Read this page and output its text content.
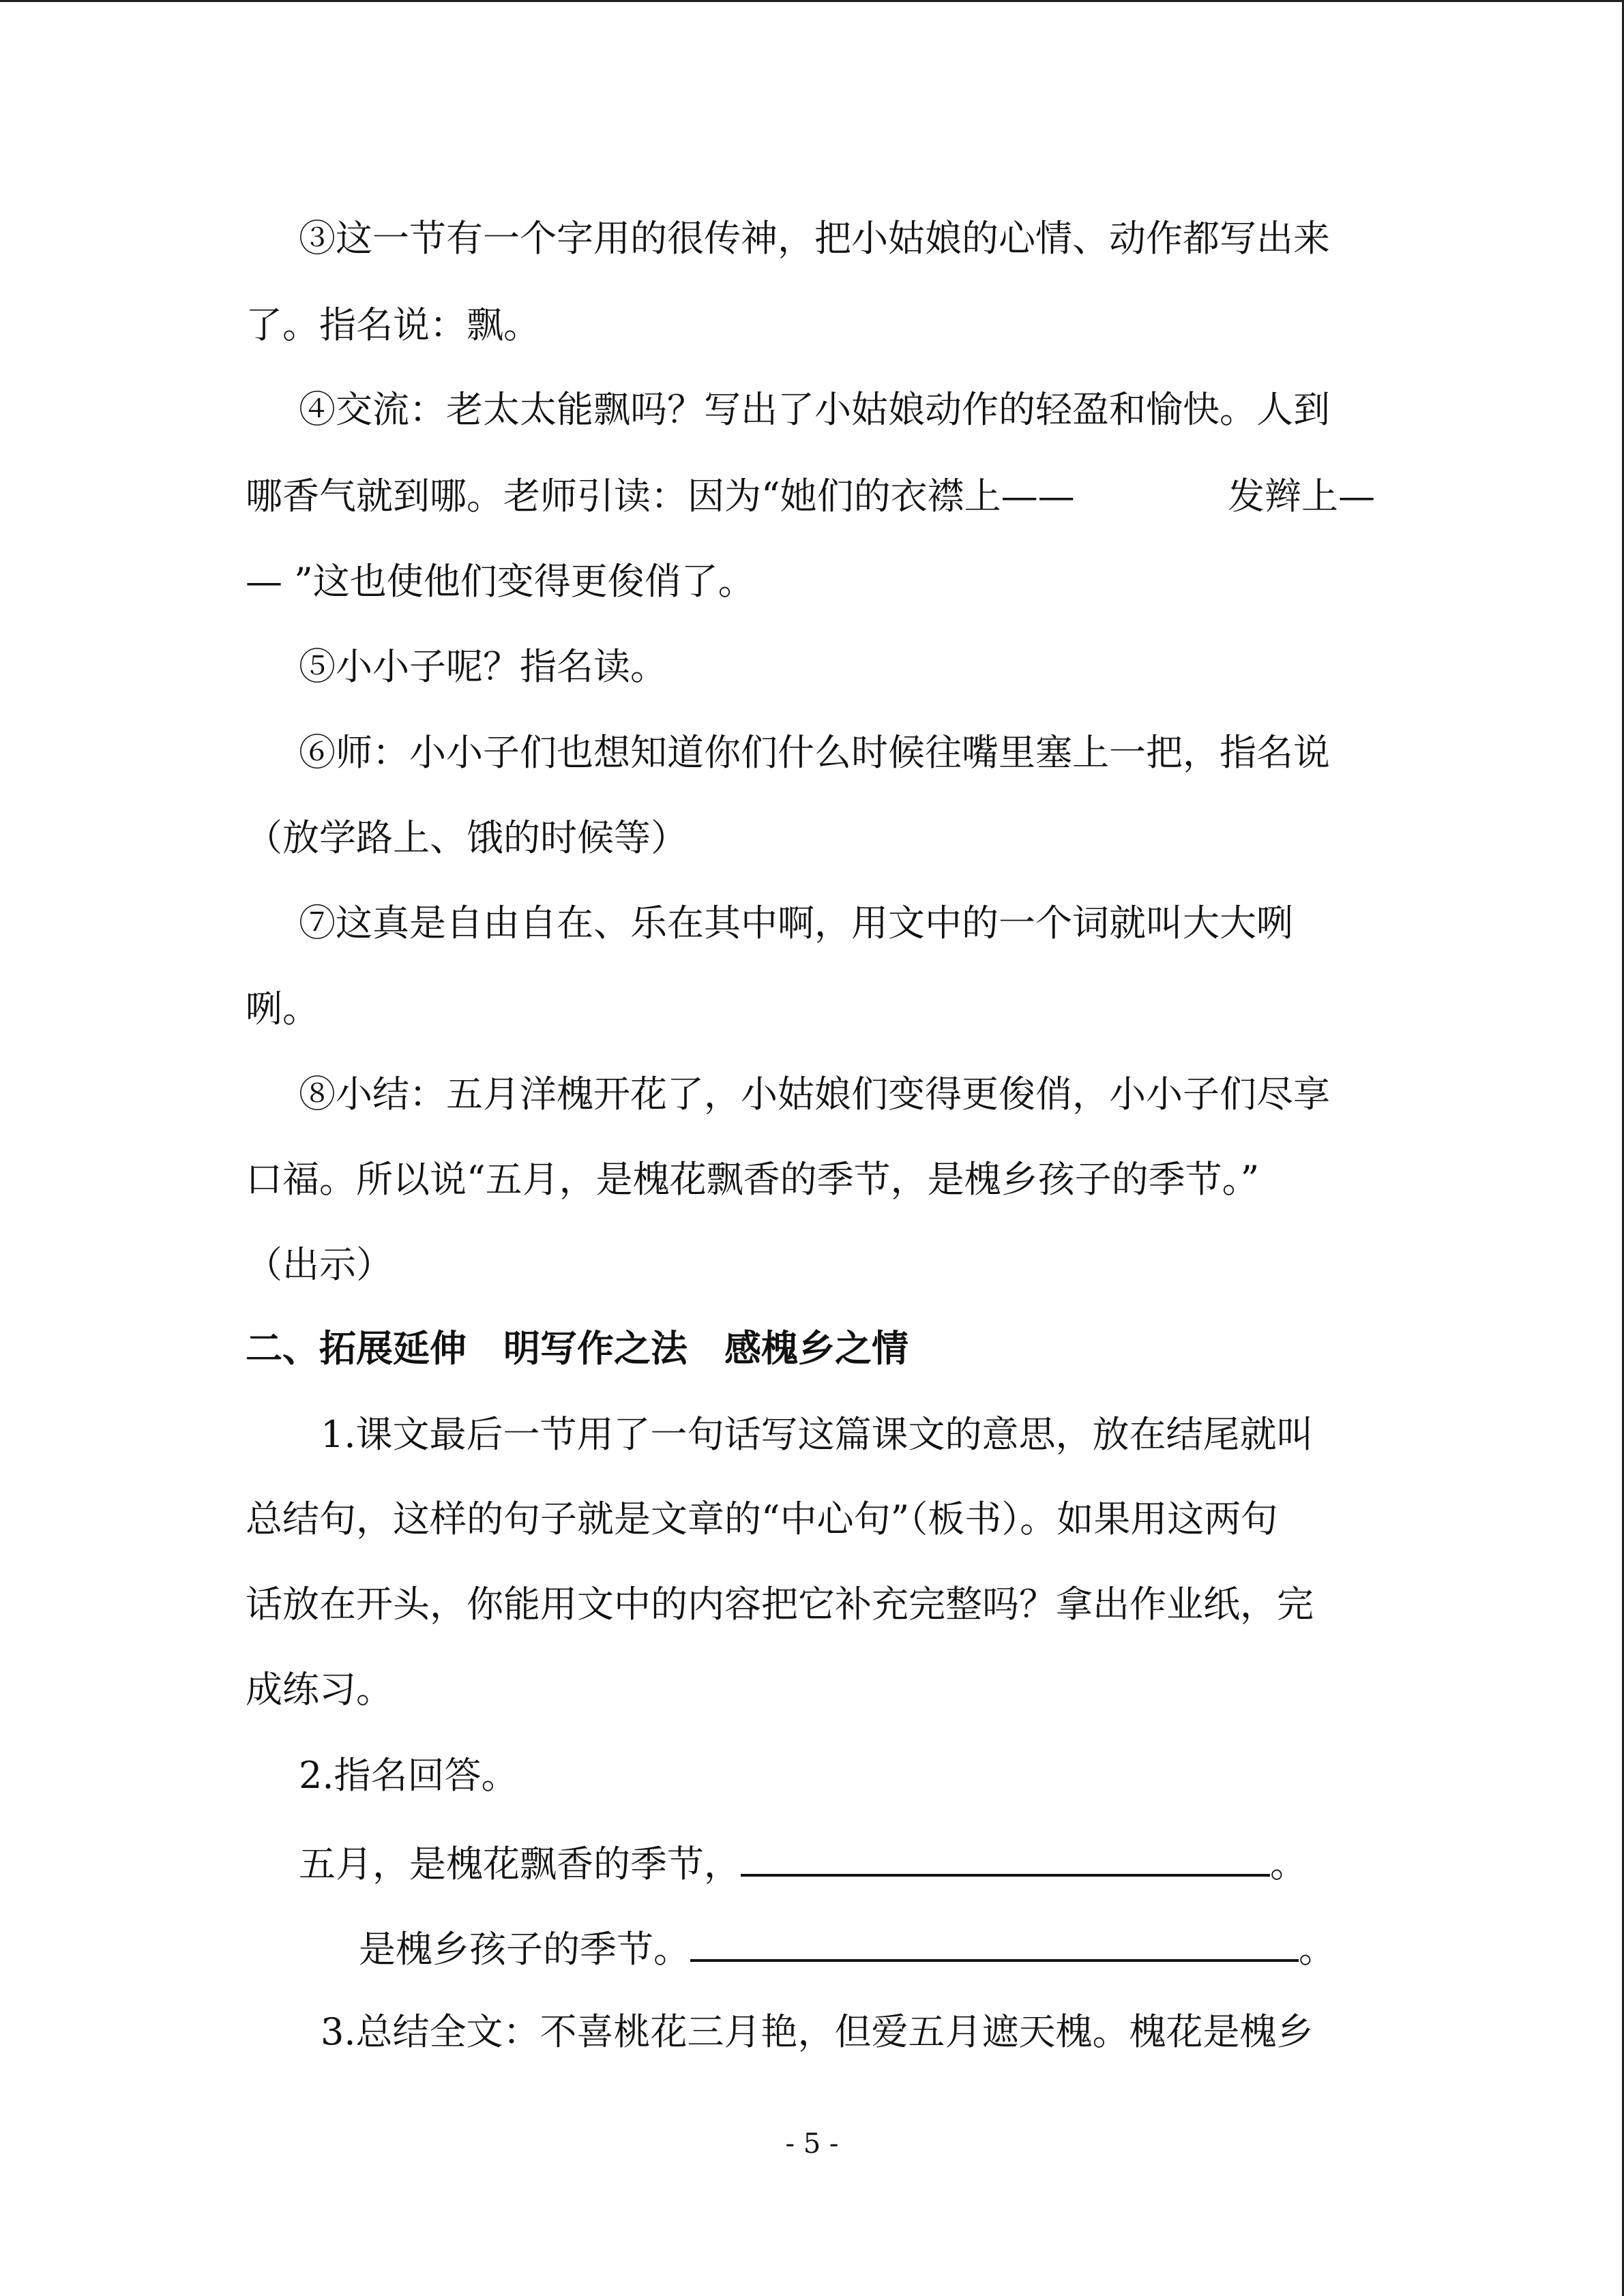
③这一节有一个字用的很传神，把小姑娘的心情、动作都写出来

了。指名说：飘。

④交流：老太太能飘吗？写出了小姑娘动作的轻盈和愉快。人到

哪香气就到哪。老师引读：因为“她们的衣襟上——	发辫上—

— ”这也使他们变得更俊俏了。

⑤小小子呢？指名读。

⑥师：小小子们也想知道你们什么时候往嘴里塞上一把，指名说

（放学路上、饿的时候等）

⑦这真是自由自在、乐在其中啊，用文中的一个词就叫大大咧

咧。

⑧小结：五月洋槐开花了，小姑娘们变得更俊俏，小小子们尽享

口福。所以说“五月，是槐花飘香的季节，是槐乡孩子的季节。”

（出示）

二、拓展延伸　明写作之法　感槐乡之情

1.课文最后一节用了一句话写这篇课文的意思，放在结尾就叫

总结句，这样的句子就是文章的“中心句”（板书）。如果用这两句

话放在开头，你能用文中的内容把它补充完整吗？拿出作业纸，完

成练习。

2.指名回答。

五月，是槐花飘香的季节，	。

是槐乡孩子的季节。	。

3.总结全文：不喜桃花三月艳，但爱五月遮天槐。槐花是槐乡

- 5 -
